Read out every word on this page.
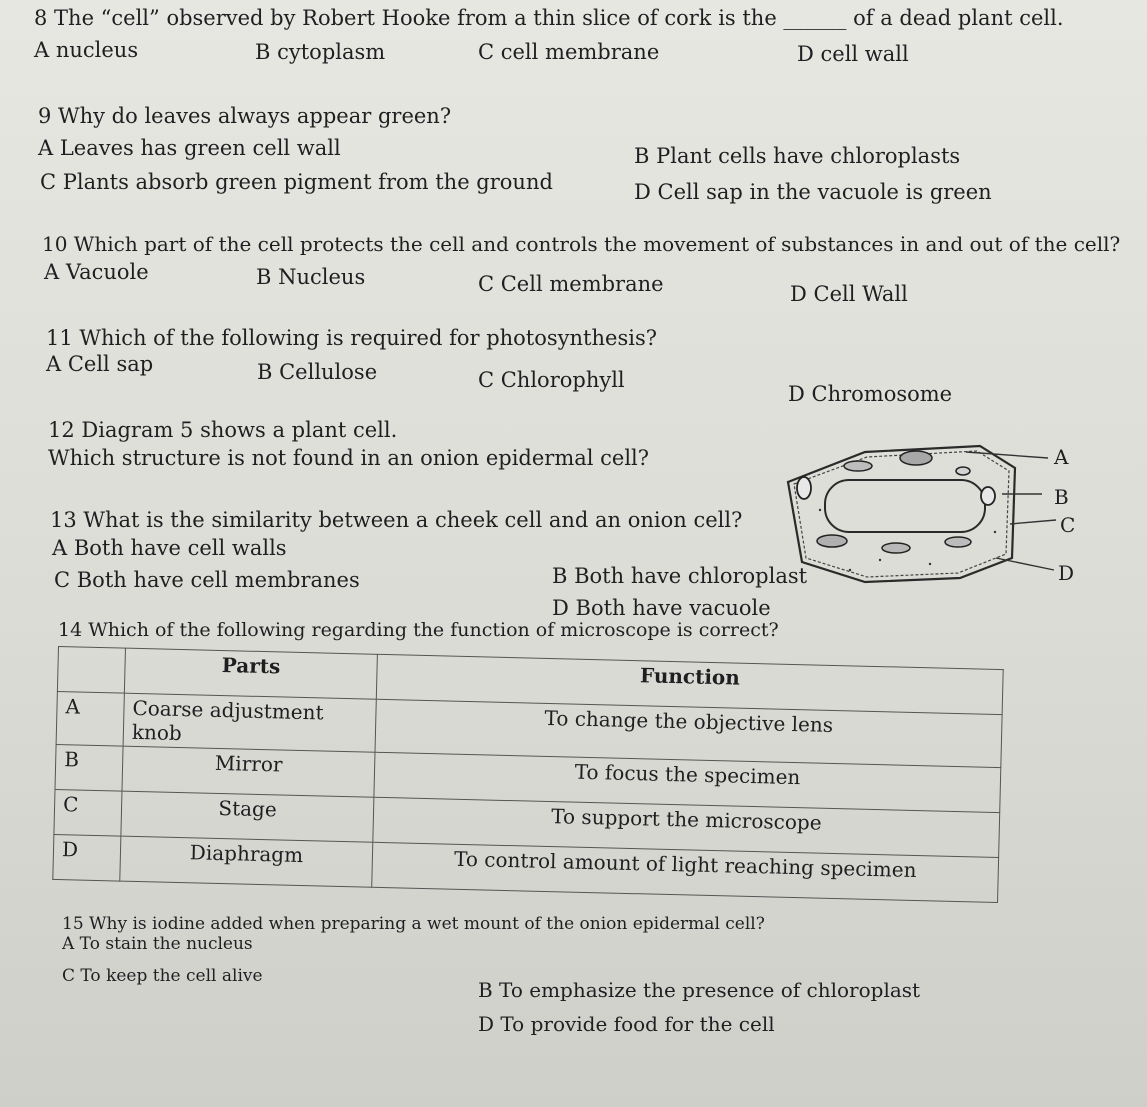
8 The “cell” observed by Robert Hooke from a thin slice of cork is the ______ of a dead plant cell.
A nucleus	B cytoplasm	C cell membrane	D cell wall
9 Why do leaves always appear green?
A Leaves has green cell wall	B Plant cells have chloroplasts
C Plants absorb green pigment from the ground	D Cell sap in the vacuole is green
10 Which part of the cell protects the cell and controls the movement of substances in and out of the cell?
A Vacuole	B Nucleus	C Cell membrane	D Cell Wall
11 Which of the following is required for photosynthesis?
A Cell sap	B Cellulose	C Chlorophyll
D Chromosome
12 Diagram 5 shows a plant cell.
Which structure is not found in an onion epidermal cell?	A
B
C
D
13 What is the similarity between a cheek cell and an onion cell?
A Both have cell walls
B Both have chloroplast
C Both have cell membranes
D Both have vacuole
14 Which of the following regarding the function of microscope is correct?

	Parts	Function
A	Coarse adjustment knob	To change the objective lens
B	Mirror	To focus the specimen
C	Stage	To support the microscope
D	Diaphragm	To control amount of light reaching specimen
15 Why is iodine added when preparing a wet mount of the onion epidermal cell?
A To stain the nucleus
C To keep the cell alive
B To emphasize the presence of chloroplast
D To provide food for the cell
